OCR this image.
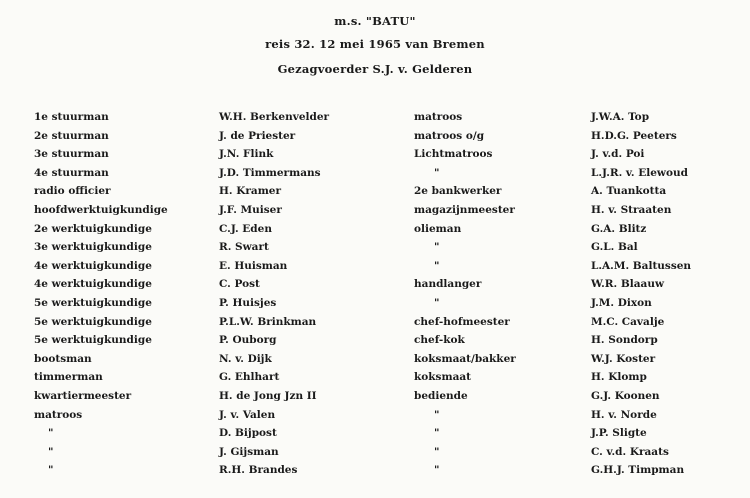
m.s. "BATU"
reis 32. 12 mei 1965 van Bremen
Gezagvoerder S.J. v. Gelderen
1e stuurman
2e stuurman
3e stuurman
4e stuurman
radio officier
hoofdwerktuigkundige
2e werktuigkundige
3e werktuigkundige
4e werktuigkundige
4e werktuigkundige
5e werktuigkundige
5e werktuigkundige
5e werktuigkundige
bootsman
timmerman
kwartiermeester
matroos
"
"
"
W.H. Berkenvelder
J. de Priester
J.N. Flink
J.D. Timmermans
H. Kramer
J.F. Muiser
C.J. Eden
R. Swart
E. Huisman
C. Post
P. Huisjes
P.L.W. Brinkman
P. Ouborg
N. v. Dijk
G. Ehlhart
H. de Jong Jzn II
J. v. Valen
D. Bijpost
J. Gijsman
R.H. Brandes
matroos
matroos o/g
Lichtmatroos
"
2e bankwerker
magazijnmeester
olieman
"
"
handlanger
"
chef-hofmeester
chef-kok
koksmaat/bakker
koksmaat
bediende
"
"
"
"
J.W.A. Top
H.D.G. Peeters
J. v.d. Poi
L.J.R. v. Elewoud
A. Tuankotta
H. v. Straaten
G.A. Blitz
G.L. Bal
L.A.M. Baltussen
W.R. Blaauw
J.M. Dixon
M.C. Cavalje
H. Sondorp
W.J. Koster
H. Klomp
G.J. Koonen
H. v. Norde
J.P. Sligte
C. v.d. Kraats
G.H.J. Timpman
